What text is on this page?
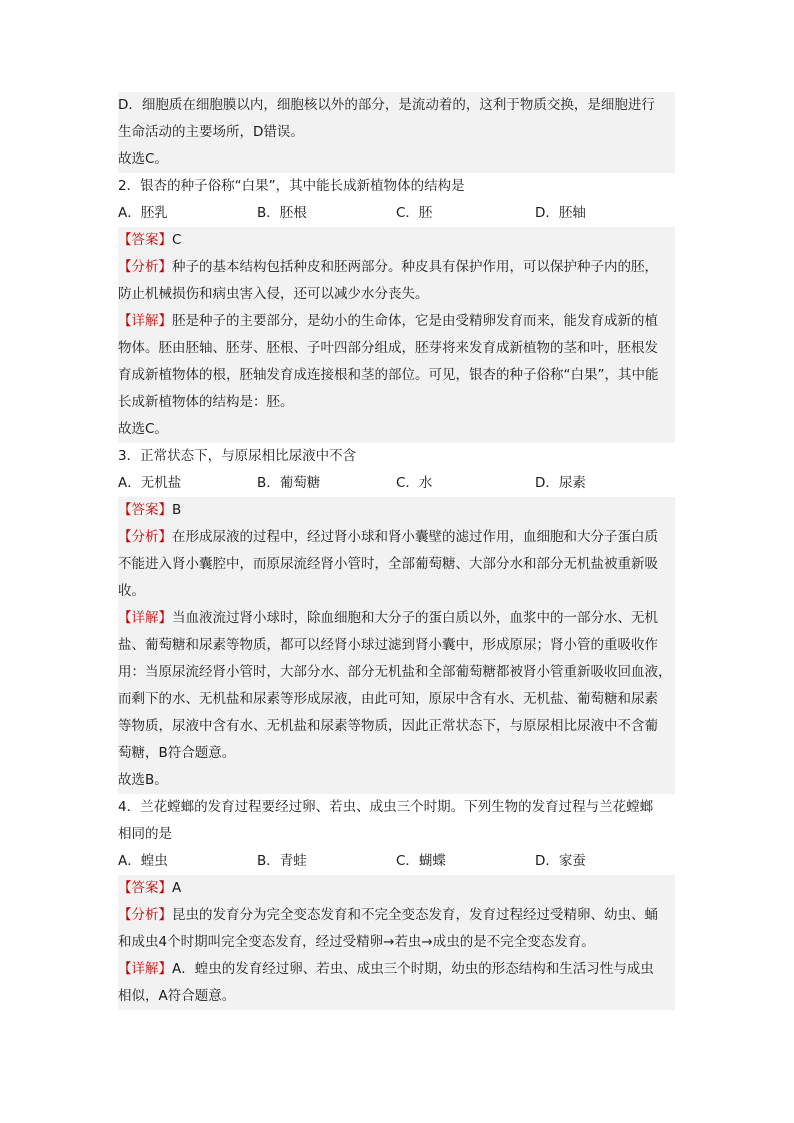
D．细胞质在细胞膜以内，细胞核以外的部分，是流动着的，这利于物质交换，是细胞进行
生命活动的主要场所，D错误。
故选C。
2．银杏的种子俗称“白果”，其中能长成新植物体的结构是
A．胚乳	B．胚根	C．胚	D．胚轴
【答案】C
【分析】种子的基本结构包括种皮和胚两部分。种皮具有保护作用，可以保护种子内的胚，
防止机械损伤和病虫害入侵，还可以减少水分丧失。
【详解】胚是种子的主要部分，是幼小的生命体，它是由受精卵发育而来，能发育成新的植
物体。胚由胚轴、胚芽、胚根、子叶四部分组成，胚芽将来发育成新植物的茎和叶，胚根发
育成新植物体的根，胚轴发育成连接根和茎的部位。可见，银杏的种子俗称“白果”，其中能
长成新植物体的结构是：胚。
故选C。
3．正常状态下，与原尿相比尿液中不含
A．无机盐	B．葡萄糖	C．水	D．尿素
【答案】B
【分析】在形成尿液的过程中，经过肾小球和肾小囊壁的滤过作用，血细胞和大分子蛋白质
不能进入肾小囊腔中，而原尿流经肾小管时，全部葡萄糖、大部分水和部分无机盐被重新吸
收。
【详解】当血液流过肾小球时，除血细胞和大分子的蛋白质以外，血浆中的一部分水、无机
盐、葡萄糖和尿素等物质，都可以经肾小球过滤到肾小囊中，形成原尿；肾小管的重吸收作
用：当原尿流经肾小管时，大部分水、部分无机盐和全部葡萄糖都被肾小管重新吸收回血液，
而剩下的水、无机盐和尿素等形成尿液，由此可知，原尿中含有水、无机盐、葡萄糖和尿素
等物质，尿液中含有水、无机盐和尿素等物质，因此正常状态下，与原尿相比尿液中不含葡
萄糖，B符合题意。
故选B。
4．兰花螳螂的发育过程要经过卵、若虫、成虫三个时期。下列生物的发育过程与兰花螳螂
相同的是
A．蝗虫	B．青蛙	C．蝴蝶	D．家蚕
【答案】A
【分析】昆虫的发育分为完全变态发育和不完全变态发育，发育过程经过受精卵、幼虫、蛹
和成虫4个时期叫完全变态发育，经过受精卵→若虫→成虫的是不完全变态发育。
【详解】A．蝗虫的发育经过卵、若虫、成虫三个时期，幼虫的形态结构和生活习性与成虫
相似，A符合题意。
